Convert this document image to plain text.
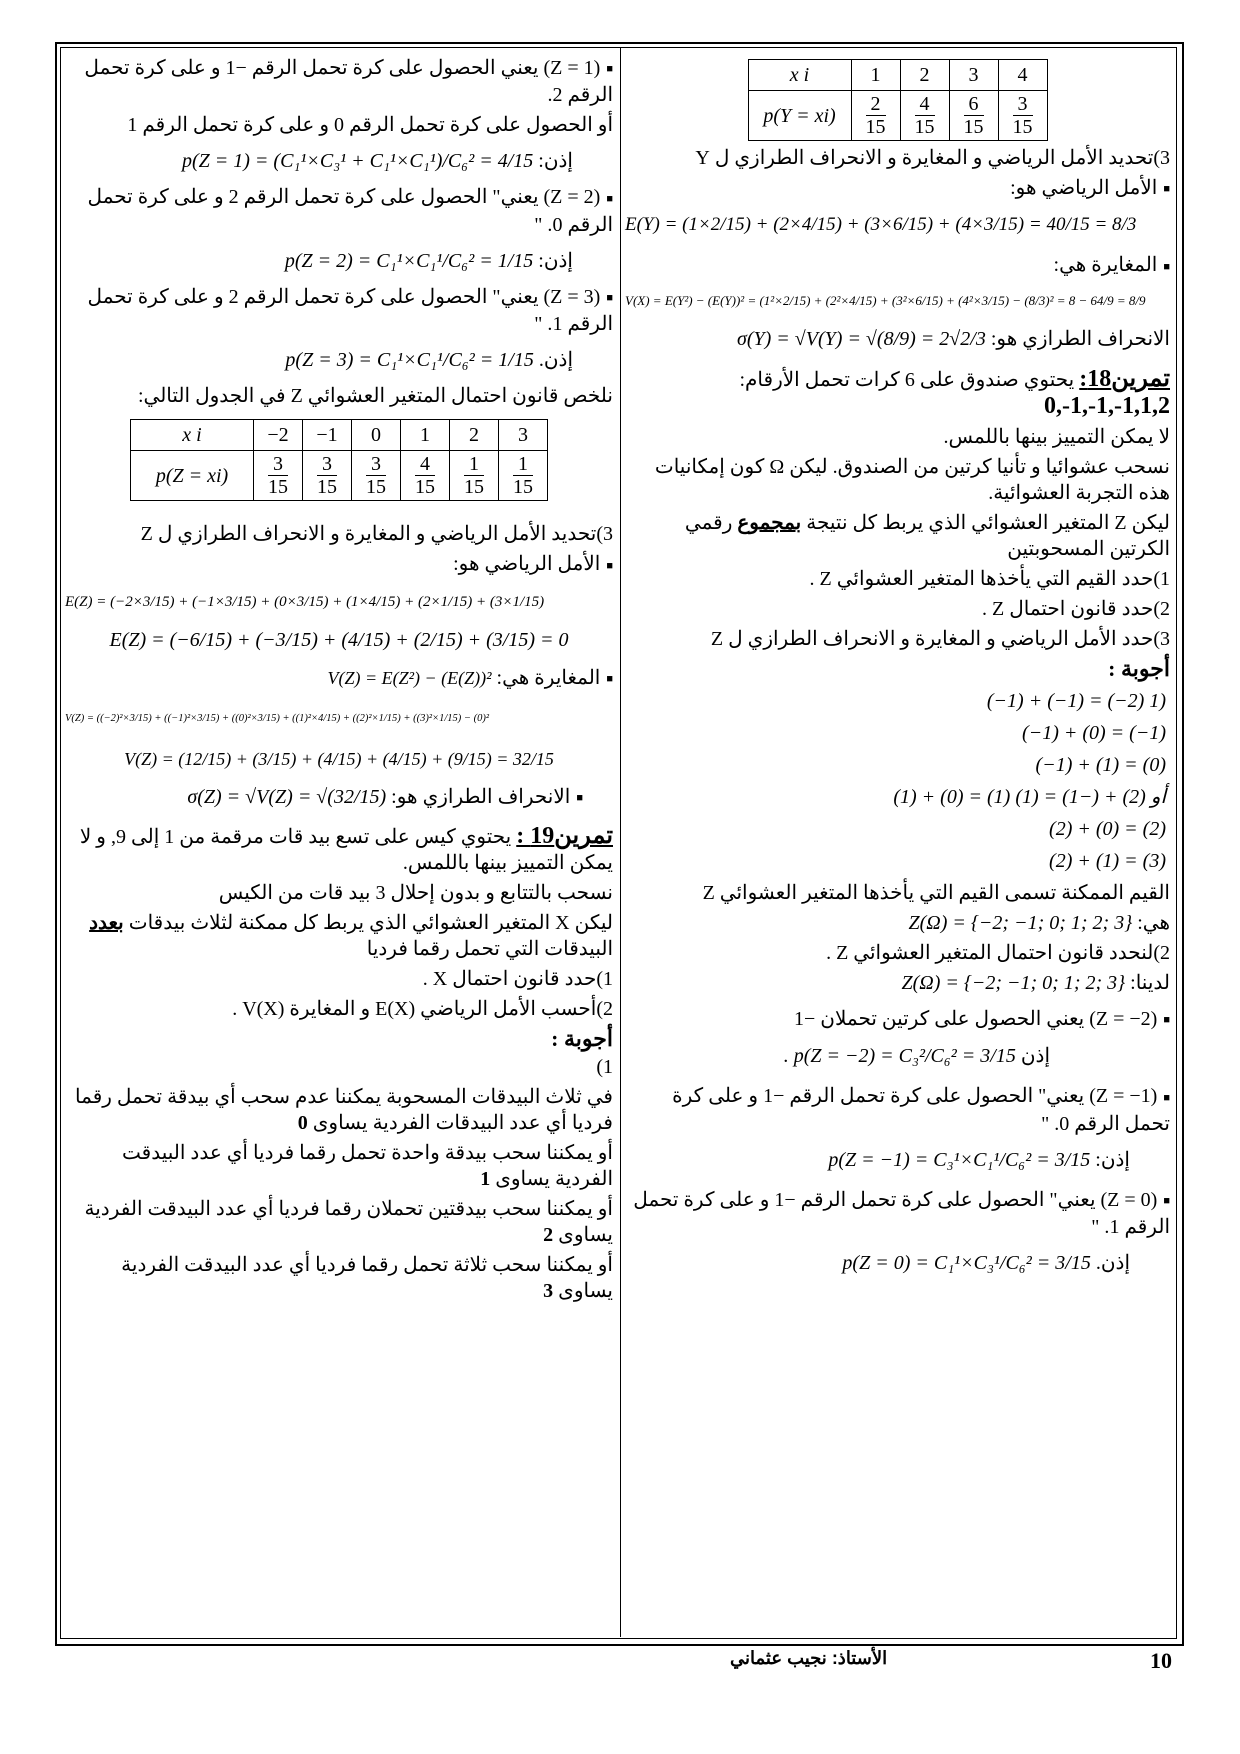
x i	1	2	3	4
p(Y = xi)	$\frac{2}{15}$	$\frac{4}{15}$	$\frac{6}{15}$	$\frac{3}{15}$

3)تحديد الأمل الرياضي و المغايرة و الانحراف الطرازي ل Y

■ الأمل الرياضي هو:

E(Y) = (1×2/15) + (2×4/15) + (3×6/15) + (4×3/15) = 40/15 = 8/3

■ المغايرة هي:

V(X) = E(Y²) − (E(Y))² = (1²×2/15) + (2²×4/15) + (3²×6/15) + (4²×3/15) − (8/3)² = 8 − 64/9 = 8/9

الانحراف الطرازي هو: σ(Y) = √V(Y) = √(8/9) = 2√2/3

تمرين18: يحتوي صندوق على 6 كرات تحمل الأرقام: 0,-1,-1,-1,1,2

لا يمكن التمييز بينها باللمس.

نسحب عشوائيا و تأنيا كرتين من الصندوق. ليكن Ω كون إمكانيات هذه التجربة العشوائية.

ليكن Z المتغير العشوائي الذي يربط كل نتيجة بمجموع رقمي الكرتين المسحوبتين

1)حدد القيم التي يأخذها المتغير العشوائي Z .

2)حدد قانون احتمال Z .

3)حدد الأمل الرياضي و المغايرة و الانحراف الطرازي ل Z

أجوبة :

(−1) + (−1) = (−2) 1)

(−1) + (0) = (−1)

(−1) + (1) = (0)

(1) + (0) = (1) أو (2) + (−1) = (1)

(2) + (0) = (2)

(2) + (1) = (3)

القيم الممكنة تسمى القيم التي يأخذها المتغير العشوائي Z

هي: Z(Ω) = {−2; −1; 0; 1; 2; 3}

2)لنحدد قانون احتمال المتغير العشوائي Z .

لدينا: Z(Ω) = {−2; −1; 0; 1; 2; 3}

■ (Z = −2) يعني الحصول على كرتين تحملان −1

إذن p(Z = −2) = C₃²/C₆² = 3/15 .

■ (Z = −1) يعني" الحصول على كرة تحمل الرقم −1 و على كرة تحمل الرقم 0. "

إذن: p(Z = −1) = C₃¹×C₁¹/C₆² = 3/15

■ (Z = 0) يعني" الحصول على كرة تحمل الرقم −1 و على كرة تحمل الرقم 1. "

إذن. p(Z = 0) = C₁¹×C₃¹/C₆² = 3/15

■ (Z = 1) يعني الحصول على كرة تحمل الرقم −1 و على كرة تحمل الرقم 2.

أو الحصول على كرة تحمل الرقم 0 و على كرة تحمل الرقم 1

إذن: p(Z = 1) = (C₁¹×C₃¹ + C₁¹×C₁¹)/C₆² = 4/15

■ (Z = 2) يعني" الحصول على كرة تحمل الرقم 2 و على كرة تحمل الرقم 0. "

إذن: p(Z = 2) = C₁¹×C₁¹/C₆² = 1/15

■ (Z = 3) يعني" الحصول على كرة تحمل الرقم 2 و على كرة تحمل الرقم 1. "

إذن. p(Z = 3) = C₁¹×C₁¹/C₆² = 1/15

نلخص قانون احتمال المتغير العشوائي Z في الجدول التالي:

x i	−2	−1	0	1	2	3
p(Z = xi)	$\frac{3}{15}$	$\frac{3}{15}$	$\frac{3}{15}$	$\frac{4}{15}$	$\frac{1}{15}$	$\frac{1}{15}$

3)تحديد الأمل الرياضي و المغايرة و الانحراف الطرازي ل Z

■ الأمل الرياضي هو:

E(Z) = (−2×3/15) + (−1×3/15) + (0×3/15) + (1×4/15) + (2×1/15) + (3×1/15)

E(Z) = (−6/15) + (−3/15) + (4/15) + (2/15) + (3/15) = 0

■ المغايرة هي: V(Z) = E(Z²) − (E(Z))²

V(Z) = ((−2)²×3/15) + ((−1)²×3/15) + ((0)²×3/15) + ((1)²×4/15) + ((2)²×1/15) + ((3)²×1/15) − (0)²

V(Z) = (12/15) + (3/15) + (4/15) + (4/15) + (9/15) = 32/15

■ الانحراف الطرازي هو: σ(Z) = √V(Z) = √(32/15)

تمرين19 : يحتوي كيس على تسع بيد قات مرقمة من 1 إلى 9, و لا يمكن التمييز بينها باللمس.

نسحب بالتتابع و بدون إحلال 3 بيد قات من الكيس

ليكن X المتغير العشوائي الذي يربط كل ممكنة لثلاث بيدقات بعدد البيدقات التي تحمل رقما فرديا

1)حدد قانون احتمال X .

2)أحسب الأمل الرياضي E(X) و المغايرة V(X) .

أجوبة :

1)

في ثلاث البيدقات المسحوبة يمكننا عدم سحب أي بيدقة تحمل رقما فرديا أي عدد البيدقات الفردية يساوى 0

أو يمكننا سحب بيدقة واحدة تحمل رقما فرديا أي عدد البيدقت الفردية يساوى 1

أو يمكننا سحب بيدقتين تحملان رقما فرديا أي عدد البيدقت الفردية يساوى 2

أو يمكننا سحب ثلاثة تحمل رقما فرديا أي عدد البيدقت الفردية يساوى 3

الأستاذ: نجيب عثماني	10
